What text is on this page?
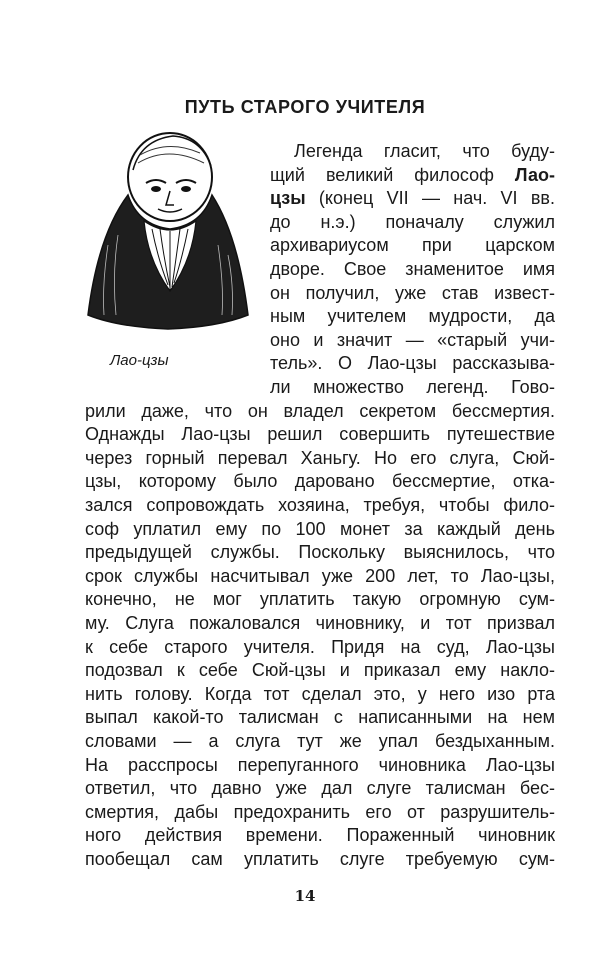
ПУТЬ СТАРОГО УЧИТЕЛЯ
Лао-цзы
Легенда гласит, что буду-
щий великий философ Лао-
цзы (конец VII — нач. VI вв.
до н.э.) поначалу служил
архивариусом при царском
дворе. Свое знаменитое имя
он получил, уже став извест-
ным учителем мудрости, да
оно и значит — «старый учи-
тель». О Лао-цзы рассказыва-
ли множество легенд. Гово-
рили даже, что он владел секретом бессмертия.
Однажды Лао-цзы решил совершить путешествие
через горный перевал Ханьгу. Но его слуга, Сюй-
цзы, которому было даровано бессмертие, отка-
зался сопровождать хозяина, требуя, чтобы фило-
соф уплатил ему по 100 монет за каждый день
предыдущей службы. Поскольку выяснилось, что
срок службы насчитывал уже 200 лет, то Лао-цзы,
конечно, не мог уплатить такую огромную сум-
му. Слуга пожаловался чиновнику, и тот призвал
к себе старого учителя. Придя на суд, Лао-цзы
подозвал к себе Сюй-цзы и приказал ему накло-
нить голову. Когда тот сделал это, у него изо рта
выпал какой-то талисман с написанными на нем
словами — а слуга тут же упал бездыханным.
На расспросы перепуганного чиновника Лао-цзы
ответил, что давно уже дал слуге талисман бес-
смертия, дабы предохранить его от разрушитель-
ного действия времени. Пораженный чиновник
пообещал сам уплатить слуге требуемую сум-
14
